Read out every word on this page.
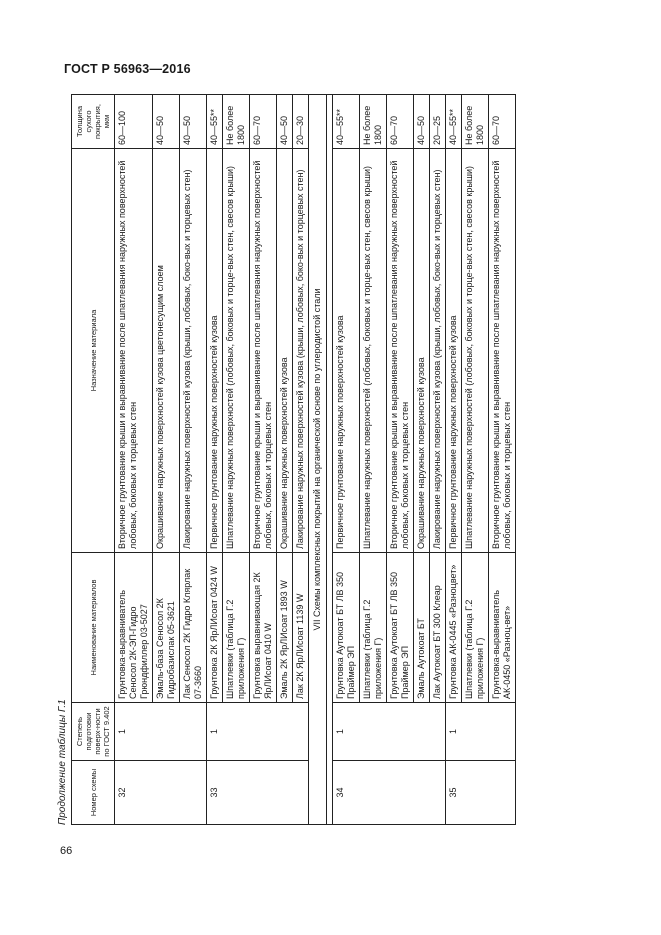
ГОСТ Р 56963—2016
66
Продолжение таблицы Г.1	Номер схемы	Степень подготовки поверх-ности по ГОСТ 9.402	Наименование материалов	Назначение материала	Толщина сухого покрытия, мкм
32	1	Грунтовка-выравниватель Сеносол 2К-ЭП-Гидро Грюндфиллер 03-5027	Вторичное грунтование крыши и выравнивание после шпатлевания наружных поверхностей лобовых, боковых и торцевых стен	60—100
		Эмаль-база Сеносол 2К Гидробазислак 05-3621	Окрашивание наружных поверхностей кузова цветонесущим слоем	40—50
		Лак Сеносол 2К Гидро Клярлак 07-3660	Лакирование наружных поверхностей кузова (крыши, лобовых, боко-вых и торцевых стен)	40—50
33	1	Грунтовка 2К ЯрЛИсоат 0424 W	Первичное грунтование наружных поверхностей кузова	40—55**
		Шпатлевки (таблица Г.2 приложения Г)	Шпатлевание наружных поверхностей (лобовых, боковых и торце-вых стен, свесов крыши)	Не более 1800
		Грунтовка выравнивающая 2К ЯрЛИсоат 0410 W	Вторичное грунтование крыши и выравнивание после шпатлевания наружных поверхностей лобовых, боковых и торцевых стен	60—70
		Эмаль 2К ЯрЛИсоат 1893 W	Окрашивание наружных поверхностей кузова	40—50
		Лак 2К ЯрЛИсоат 1139 W	Лакирование наружных поверхностей кузова (крыши, лобовых, боко-вых и торцевых стен)	20—30
VII Схемы комплексных покрытий на органической основе по углеродистой стали				

34	1	Грунтовка Аутокоат БТ ЛВ 350 Праймер ЭП	Первичное грунтование наружных поверхностей кузова	40—55**
		Шпатлевки (таблица Г.2 приложения Г)	Шпатлевание наружных поверхностей (лобовых, боковых и торце-вых стен, свесов крыши)	Не более 1800
		Грунтовка Аутокоат БТ ЛВ 350 Праймер ЭП	Вторичное грунтование крыши и выравнивание после шпатлевания наружных поверхностей лобовых, боковых и торцевых стен	60—70
		Эмаль Аутокоат БТ	Окрашивание наружных поверхностей кузова	40—50
		Лак Аутокоат БТ 300 Клеар	Лакирование наружных поверхностей кузова (крыши, лобовых, боко-вых и торцевых стен)	20—25
35	1	Грунтовка АК-0445 «Разноцвет»	Первичное грунтование наружных поверхностей кузова	40—55**
		Шпатлевки (таблица Г.2 приложения Г)	Шпатлевание наружных поверхностей (лобовых, боковых и торце-вых стен, свесов крыши)	Не более 1800
		Грунтовка-выравниватель АК-0450 «Разноц-вет»	Вторичное грунтование крыши и выравнивание после шпатлевания наружных поверхностей лобовых, боковых и торцевых стен	60—70
